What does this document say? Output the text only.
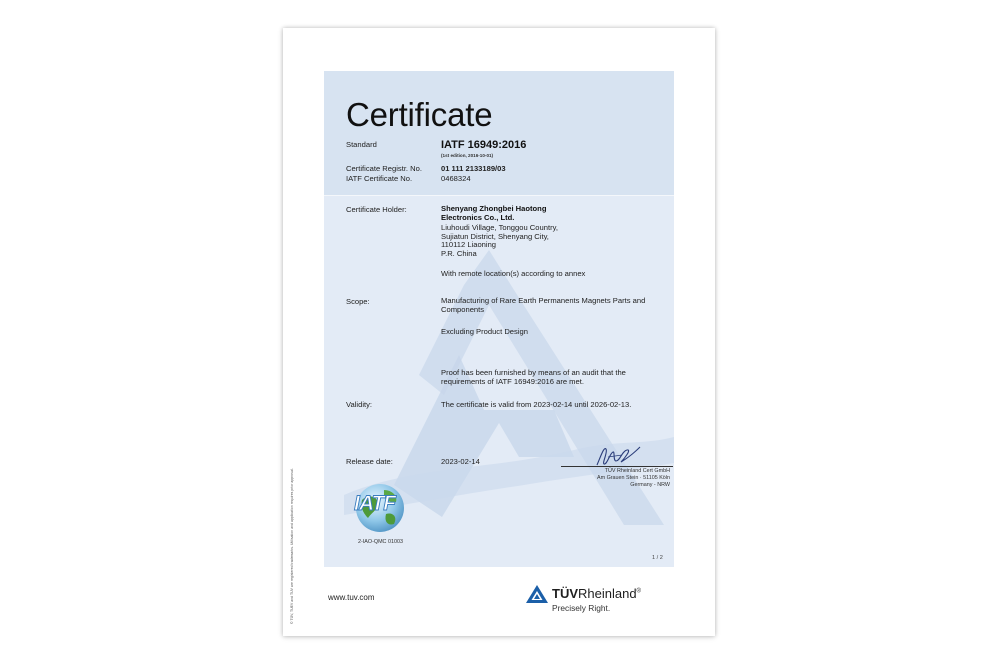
© TÜV, TUEV and TUV are registered trademarks. Utilisation and application requires prior approval.
Certificate
Standard	IATF 16949:2016
(1st edition, 2016-10-01)
Certificate Registr. No.	01 111 2133189/03
IATF Certificate No.	0468324
Certificate Holder:	Shenyang Zhongbei Haotong
Electronics Co., Ltd.
Liuhoudi Village, Tonggou Country,
Sujiatun District, Shenyang City,
110112 Liaoning
P.R. China
With remote location(s) according to annex
Scope:	Manufacturing of Rare Earth Permanents Magnets Parts and
Components
Excluding Product Design
Proof has been furnished by means of an audit that the
requirements of IATF 16949:2016 are met.
Validity:	The certificate is valid from 2023-02-14 until 2026-02-13.
Release date:	2023-02-14
TÜV Rheinland Cert GmbH
Am Grauen Stein · 51105 Köln
Germany - NRW
IATF
2-IAO-QMC 01003
1 / 2
www.tuv.com	TÜVRheinland®
Precisely Right.
